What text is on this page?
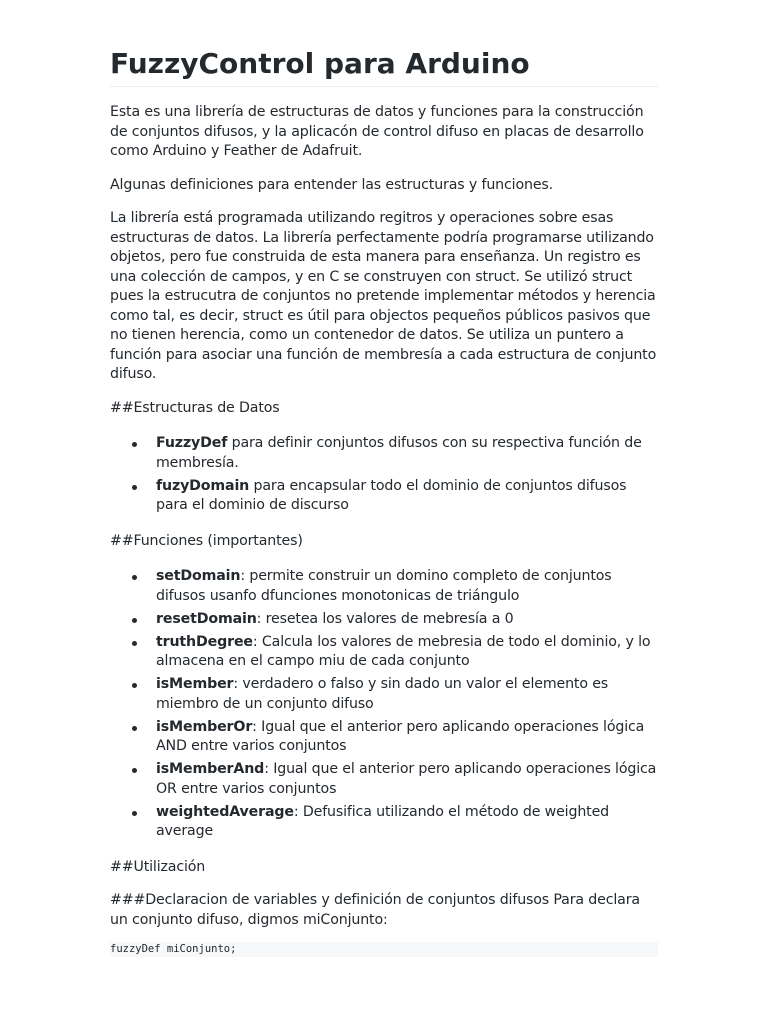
FuzzyControl para Arduino

Esta es una librería de estructuras de datos y funciones para la construcción de conjuntos difusos, y la aplicacón de control difuso en placas de desarrollo como Arduino y Feather de Adafruit.

Algunas definiciones para entender las estructuras y funciones.

La librería está programada utilizando regitros y operaciones sobre esas estructuras de datos. La librería perfectamente podría programarse utilizando objetos, pero fue construida de esta manera para enseñanza. Un registro es una colección de campos, y en C se construyen con struct. Se utilizó struct pues la estrucutra de conjuntos no pretende implementar métodos y herencia como tal, es decir, struct es útil para objectos pequeños públicos pasivos que no tienen herencia, como un contenedor de datos. Se utiliza un puntero a función para asociar una función de membresía a cada estructura de conjunto difuso.

##Estructuras de Datos

FuzzyDef para definir conjuntos difusos con su respectiva función de membresía.
fuzyDomain para encapsular todo el dominio de conjuntos difusos para el dominio de discurso

##Funciones (importantes)

setDomain: permite construir un domino completo de conjuntos difusos usanfo dfunciones monotonicas de triángulo
resetDomain: resetea los valores de mebresía a 0
truthDegree: Calcula los valores de mebresia de todo el dominio, y lo almacena en el campo miu de cada conjunto
isMember: verdadero o falso y sin dado un valor el elemento es miembro de un conjunto difuso
isMemberOr: Igual que el anterior pero aplicando operaciones lógica AND entre varios conjuntos
isMemberAnd: Igual que el anterior pero aplicando operaciones lógica OR entre varios conjuntos
weightedAverage: Defusifica utilizando el método de weighted average

##Utilización

###Declaracion de variables y definición de conjuntos difusos Para declara un conjunto difuso, digmos miConjunto:

fuzzyDef miConjunto;
